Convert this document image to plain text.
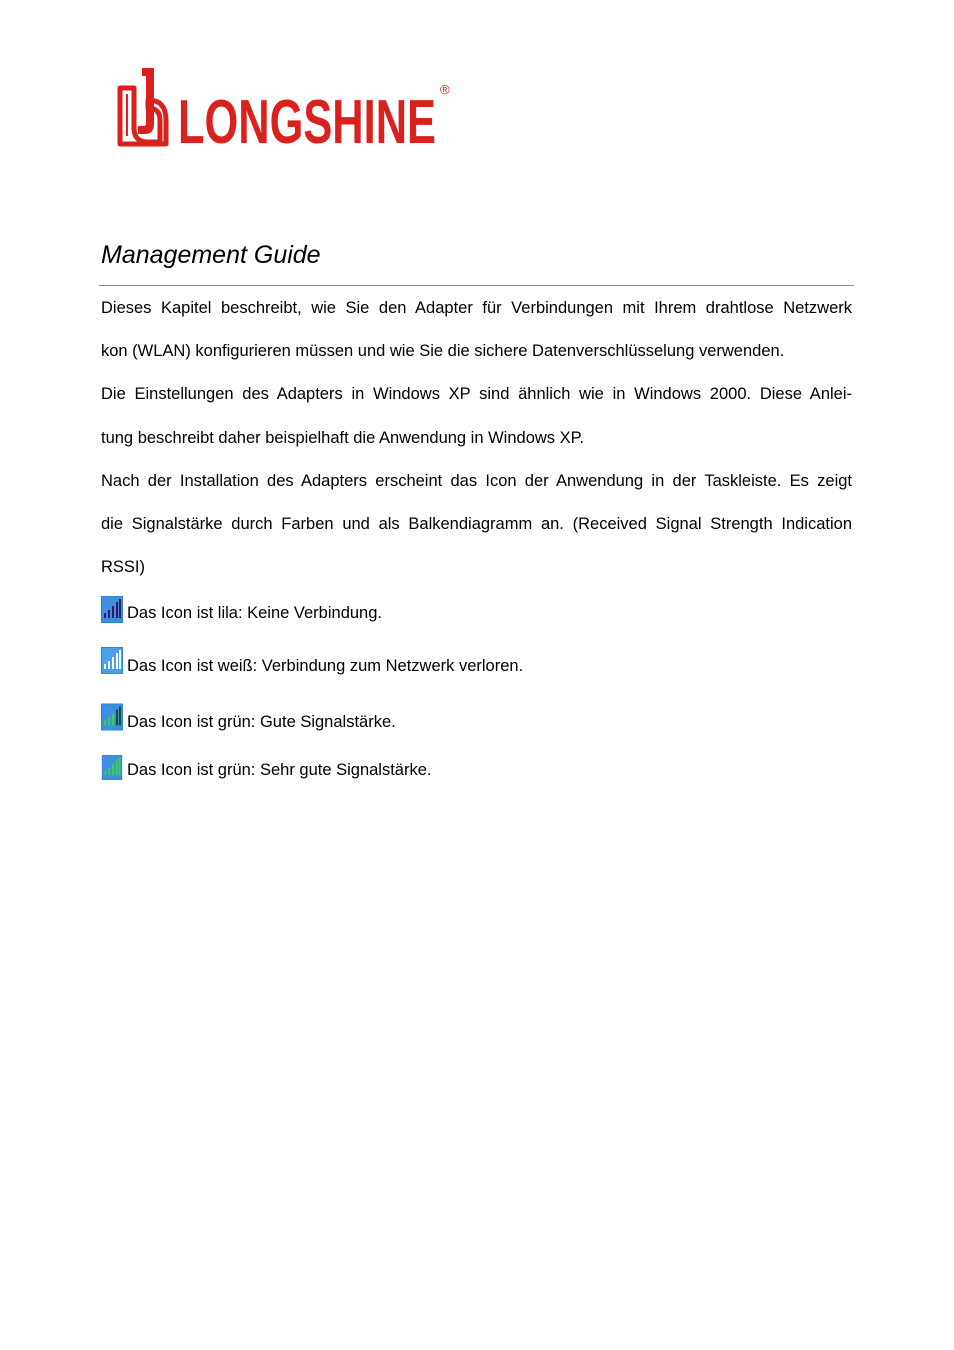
LONGSHINE ®
Management Guide
Dieses Kapitel beschreibt, wie Sie den Adapter für Verbindungen mit Ihrem drahtlose Netzwerk
kon (WLAN) konfigurieren müssen und wie Sie die sichere Datenverschlüsselung verwenden.
Die Einstellungen des Adapters in Windows XP sind ähnlich wie in Windows 2000. Diese Anlei-
tung beschreibt daher beispielhaft die Anwendung in Windows XP.
Nach der Installation des Adapters erscheint das Icon der Anwendung in der Taskleiste. Es zeigt
die Signalstärke durch Farben und als Balkendiagramm an. (Received Signal Strength Indication
RSSI)
Das Icon ist lila: Keine Verbindung.
Das Icon ist weiß: Verbindung zum Netzwerk verloren.
Das Icon ist grün: Gute Signalstärke.
Das Icon ist grün: Sehr gute Signalstärke.
